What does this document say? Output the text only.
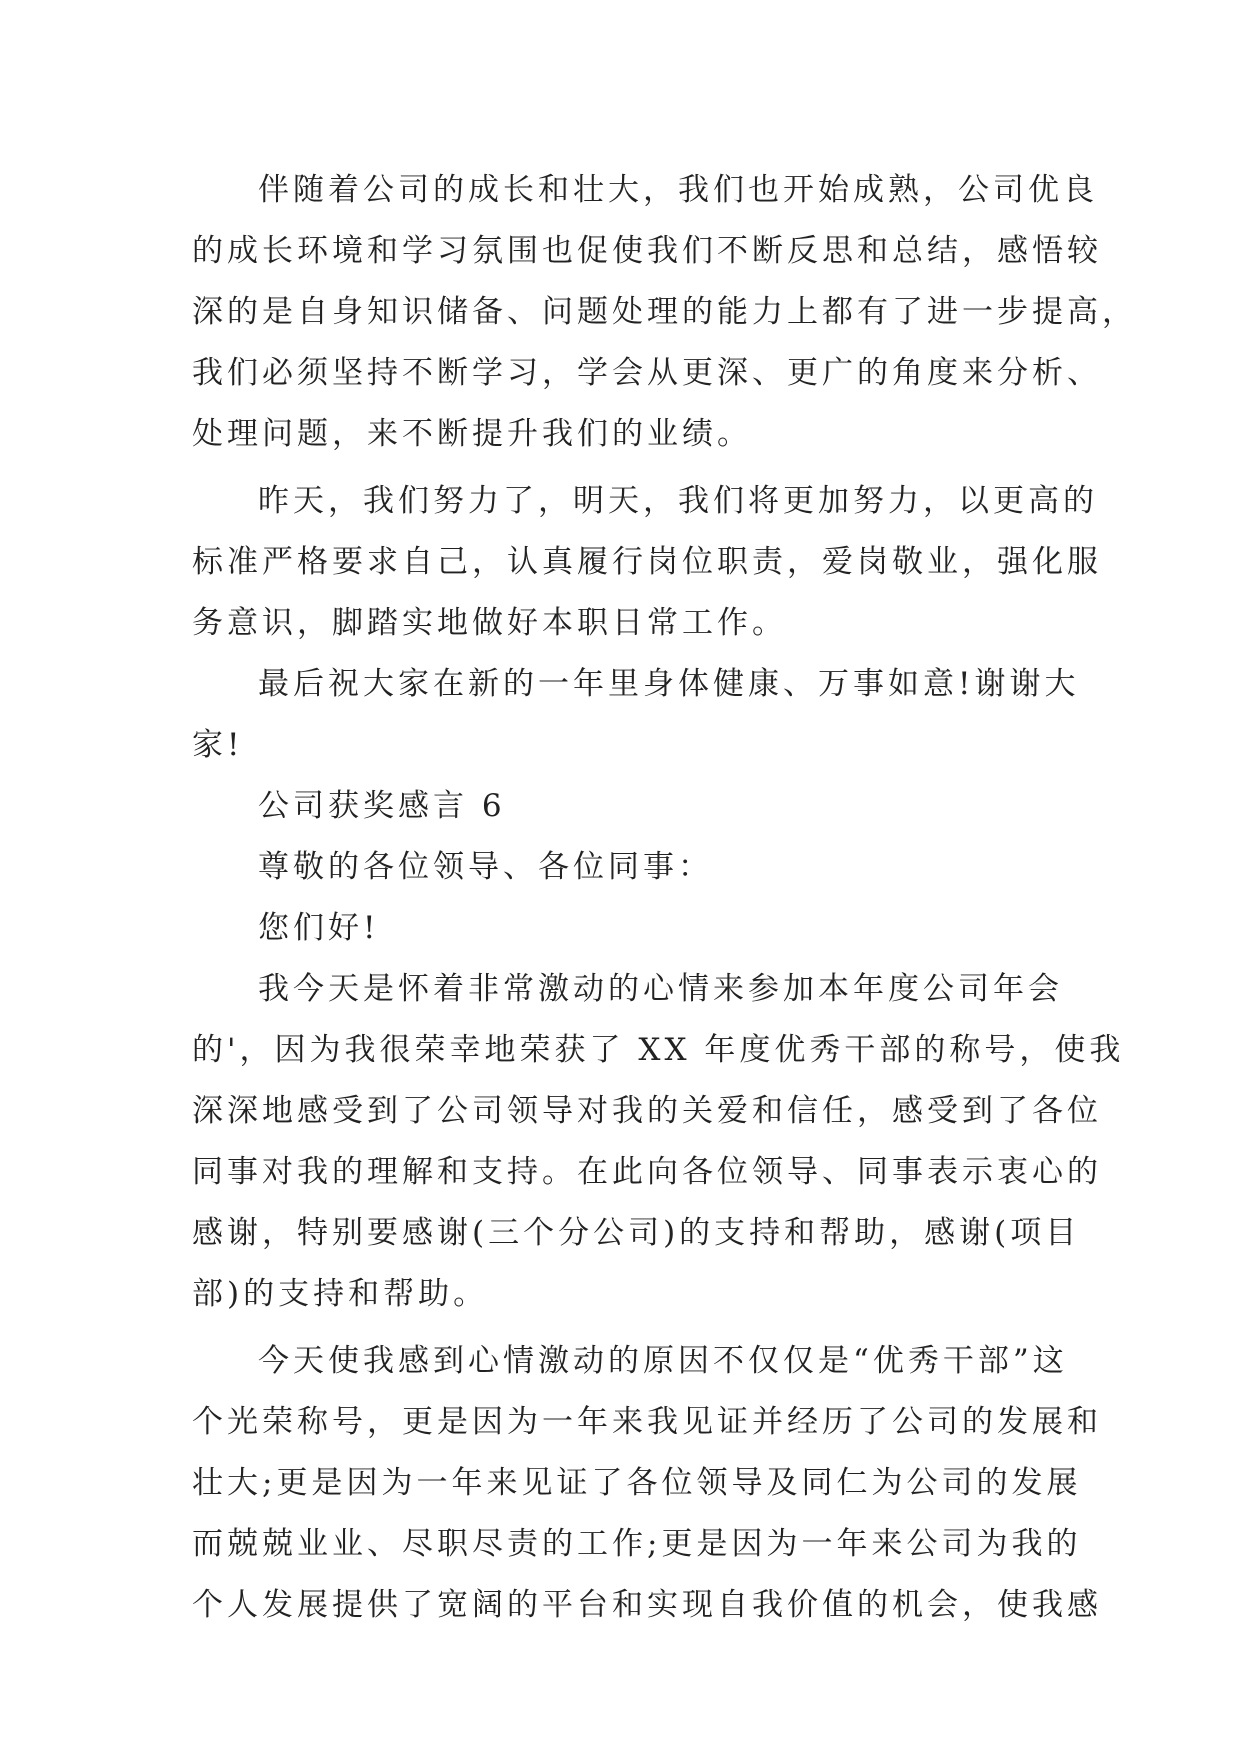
伴随着公司的成长和壮大，我们也开始成熟，公司优良
的成长环境和学习氛围也促使我们不断反思和总结，感悟较
深的是自身知识储备、问题处理的能力上都有了进一步提高，
我们必须坚持不断学习，学会从更深、更广的角度来分析、
处理问题，来不断提升我们的业绩。
昨天，我们努力了，明天，我们将更加努力，以更高的
标准严格要求自己，认真履行岗位职责，爱岗敬业，强化服
务意识，脚踏实地做好本职日常工作。
最后祝大家在新的一年里身体健康、万事如意!谢谢大
家!
公司获奖感言 6
尊敬的各位领导、各位同事：
您们好!
我今天是怀着非常激动的心情来参加本年度公司年会
的'，因为我很荣幸地荣获了 XX 年度优秀干部的称号，使我
深深地感受到了公司领导对我的关爱和信任，感受到了各位
同事对我的理解和支持。在此向各位领导、同事表示衷心的
感谢，特别要感谢(三个分公司)的支持和帮助，感谢(项目
部)的支持和帮助。
今天使我感到心情激动的原因不仅仅是“优秀干部”这
个光荣称号，更是因为一年来我见证并经历了公司的发展和
壮大;更是因为一年来见证了各位领导及同仁为公司的发展
而兢兢业业、尽职尽责的工作;更是因为一年来公司为我的
个人发展提供了宽阔的平台和实现自我价值的机会，使我感
